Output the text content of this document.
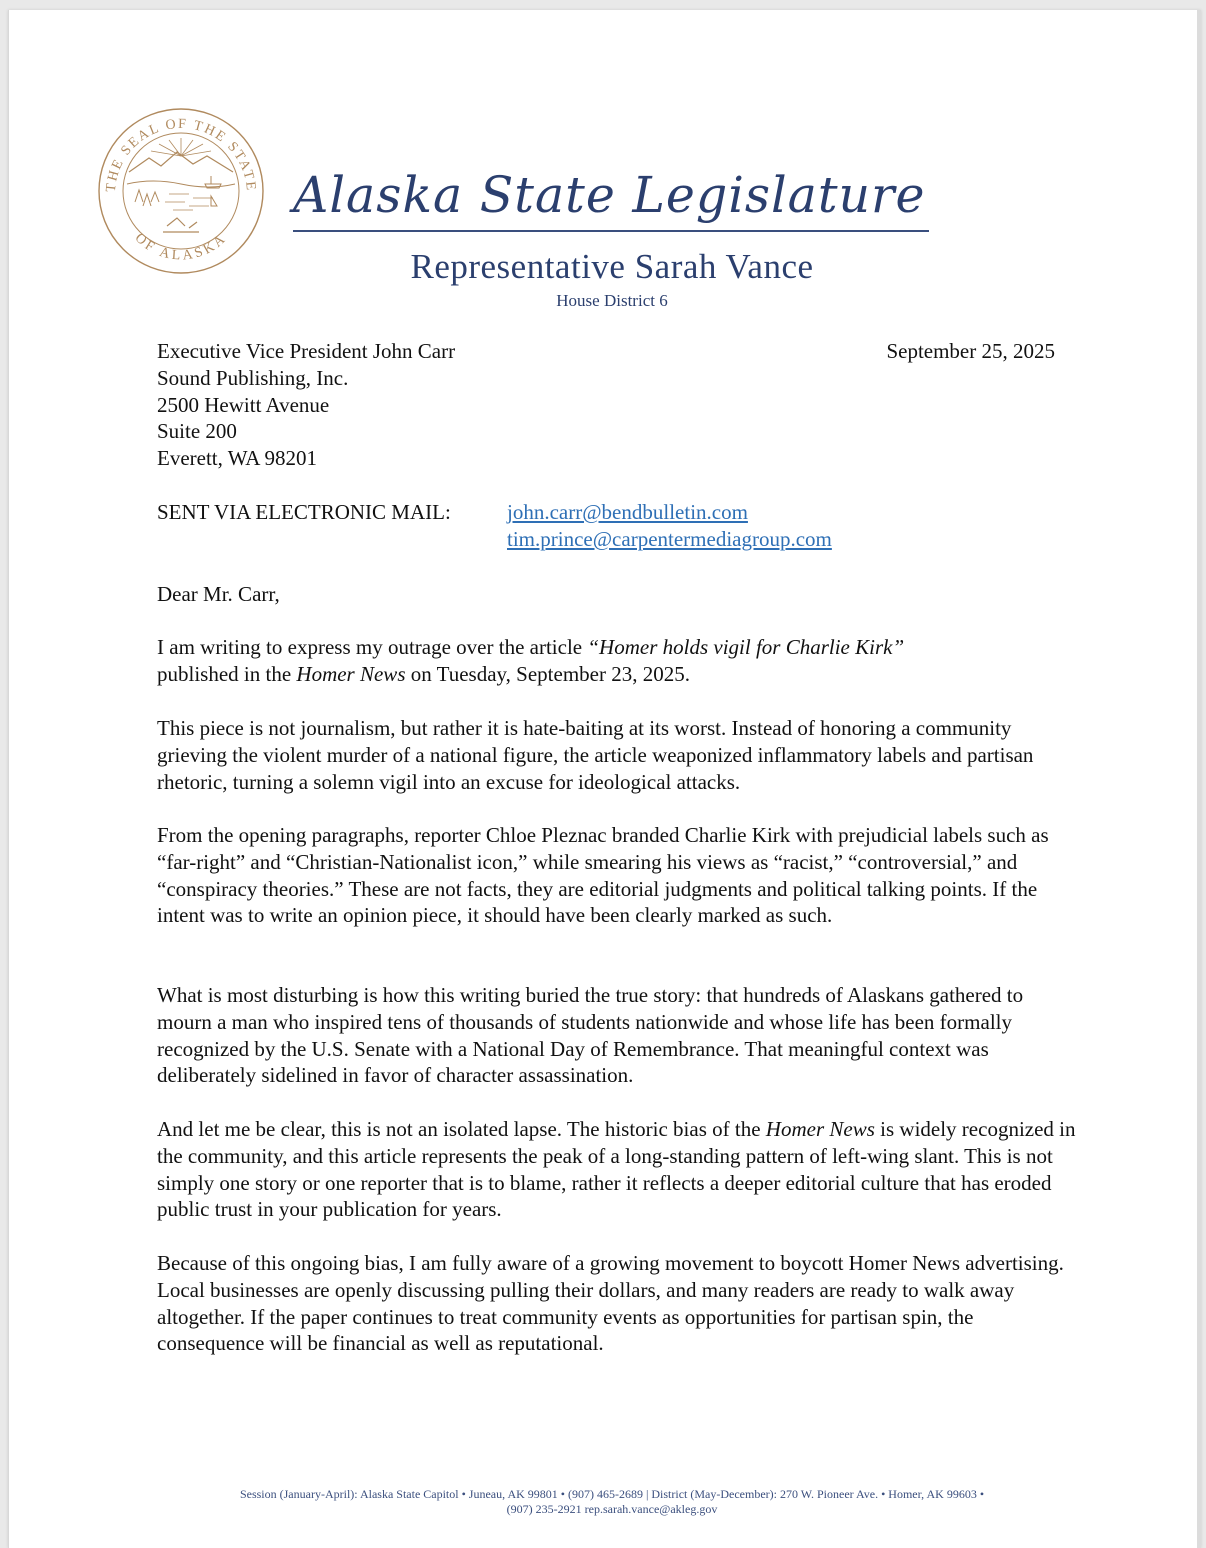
THE SEAL OF THE STATE
OF ALASKA
Alaska State Legislature
Representative Sarah Vance
House District 6
Executive Vice President John Carr
Sound Publishing, Inc.
2500 Hewitt Avenue
Suite 200
Everett, WA 98201
September 25, 2025
SENT VIA ELECTRONIC MAIL:	john.carr@bendbulletin.com
tim.prince@carpentermediagroup.com
Dear Mr. Carr,

I am writing to express my outrage over the article “Homer holds vigil for Charlie Kirk”
published in the Homer News on Tuesday, September 23, 2025.

This piece is not journalism, but rather it is hate-baiting at its worst. Instead of honoring a community grieving the violent murder of a national figure, the article weaponized inflammatory labels and partisan rhetoric, turning a solemn vigil into an excuse for ideological attacks.

From the opening paragraphs, reporter Chloe Pleznac branded Charlie Kirk with prejudicial labels such as “far-right” and “Christian-Nationalist icon,” while smearing his views as “racist,” “controversial,” and “conspiracy theories.” These are not facts, they are editorial judgments and political talking points. If the intent was to write an opinion piece, it should have been clearly marked as such.

What is most disturbing is how this writing buried the true story: that hundreds of Alaskans gathered to mourn a man who inspired tens of thousands of students nationwide and whose life has been formally recognized by the U.S. Senate with a National Day of Remembrance. That meaningful context was deliberately sidelined in favor of character assassination.

And let me be clear, this is not an isolated lapse. The historic bias of the Homer News is widely recognized in the community, and this article represents the peak of a long-standing pattern of left-wing slant. This is not simply one story or one reporter that is to blame, rather it reflects a deeper editorial culture that has eroded public trust in your publication for years.

Because of this ongoing bias, I am fully aware of a growing movement to boycott Homer News advertising. Local businesses are openly discussing pulling their dollars, and many readers are ready to walk away altogether. If the paper continues to treat community events as opportunities for partisan spin, the consequence will be financial as well as reputational.

Session (January-April): Alaska State Capitol • Juneau, AK 99801 • (907) 465-2689 | District (May-December): 270 W. Pioneer Ave. • Homer, AK 99603 •
(907) 235-2921 rep.sarah.vance@akleg.gov
